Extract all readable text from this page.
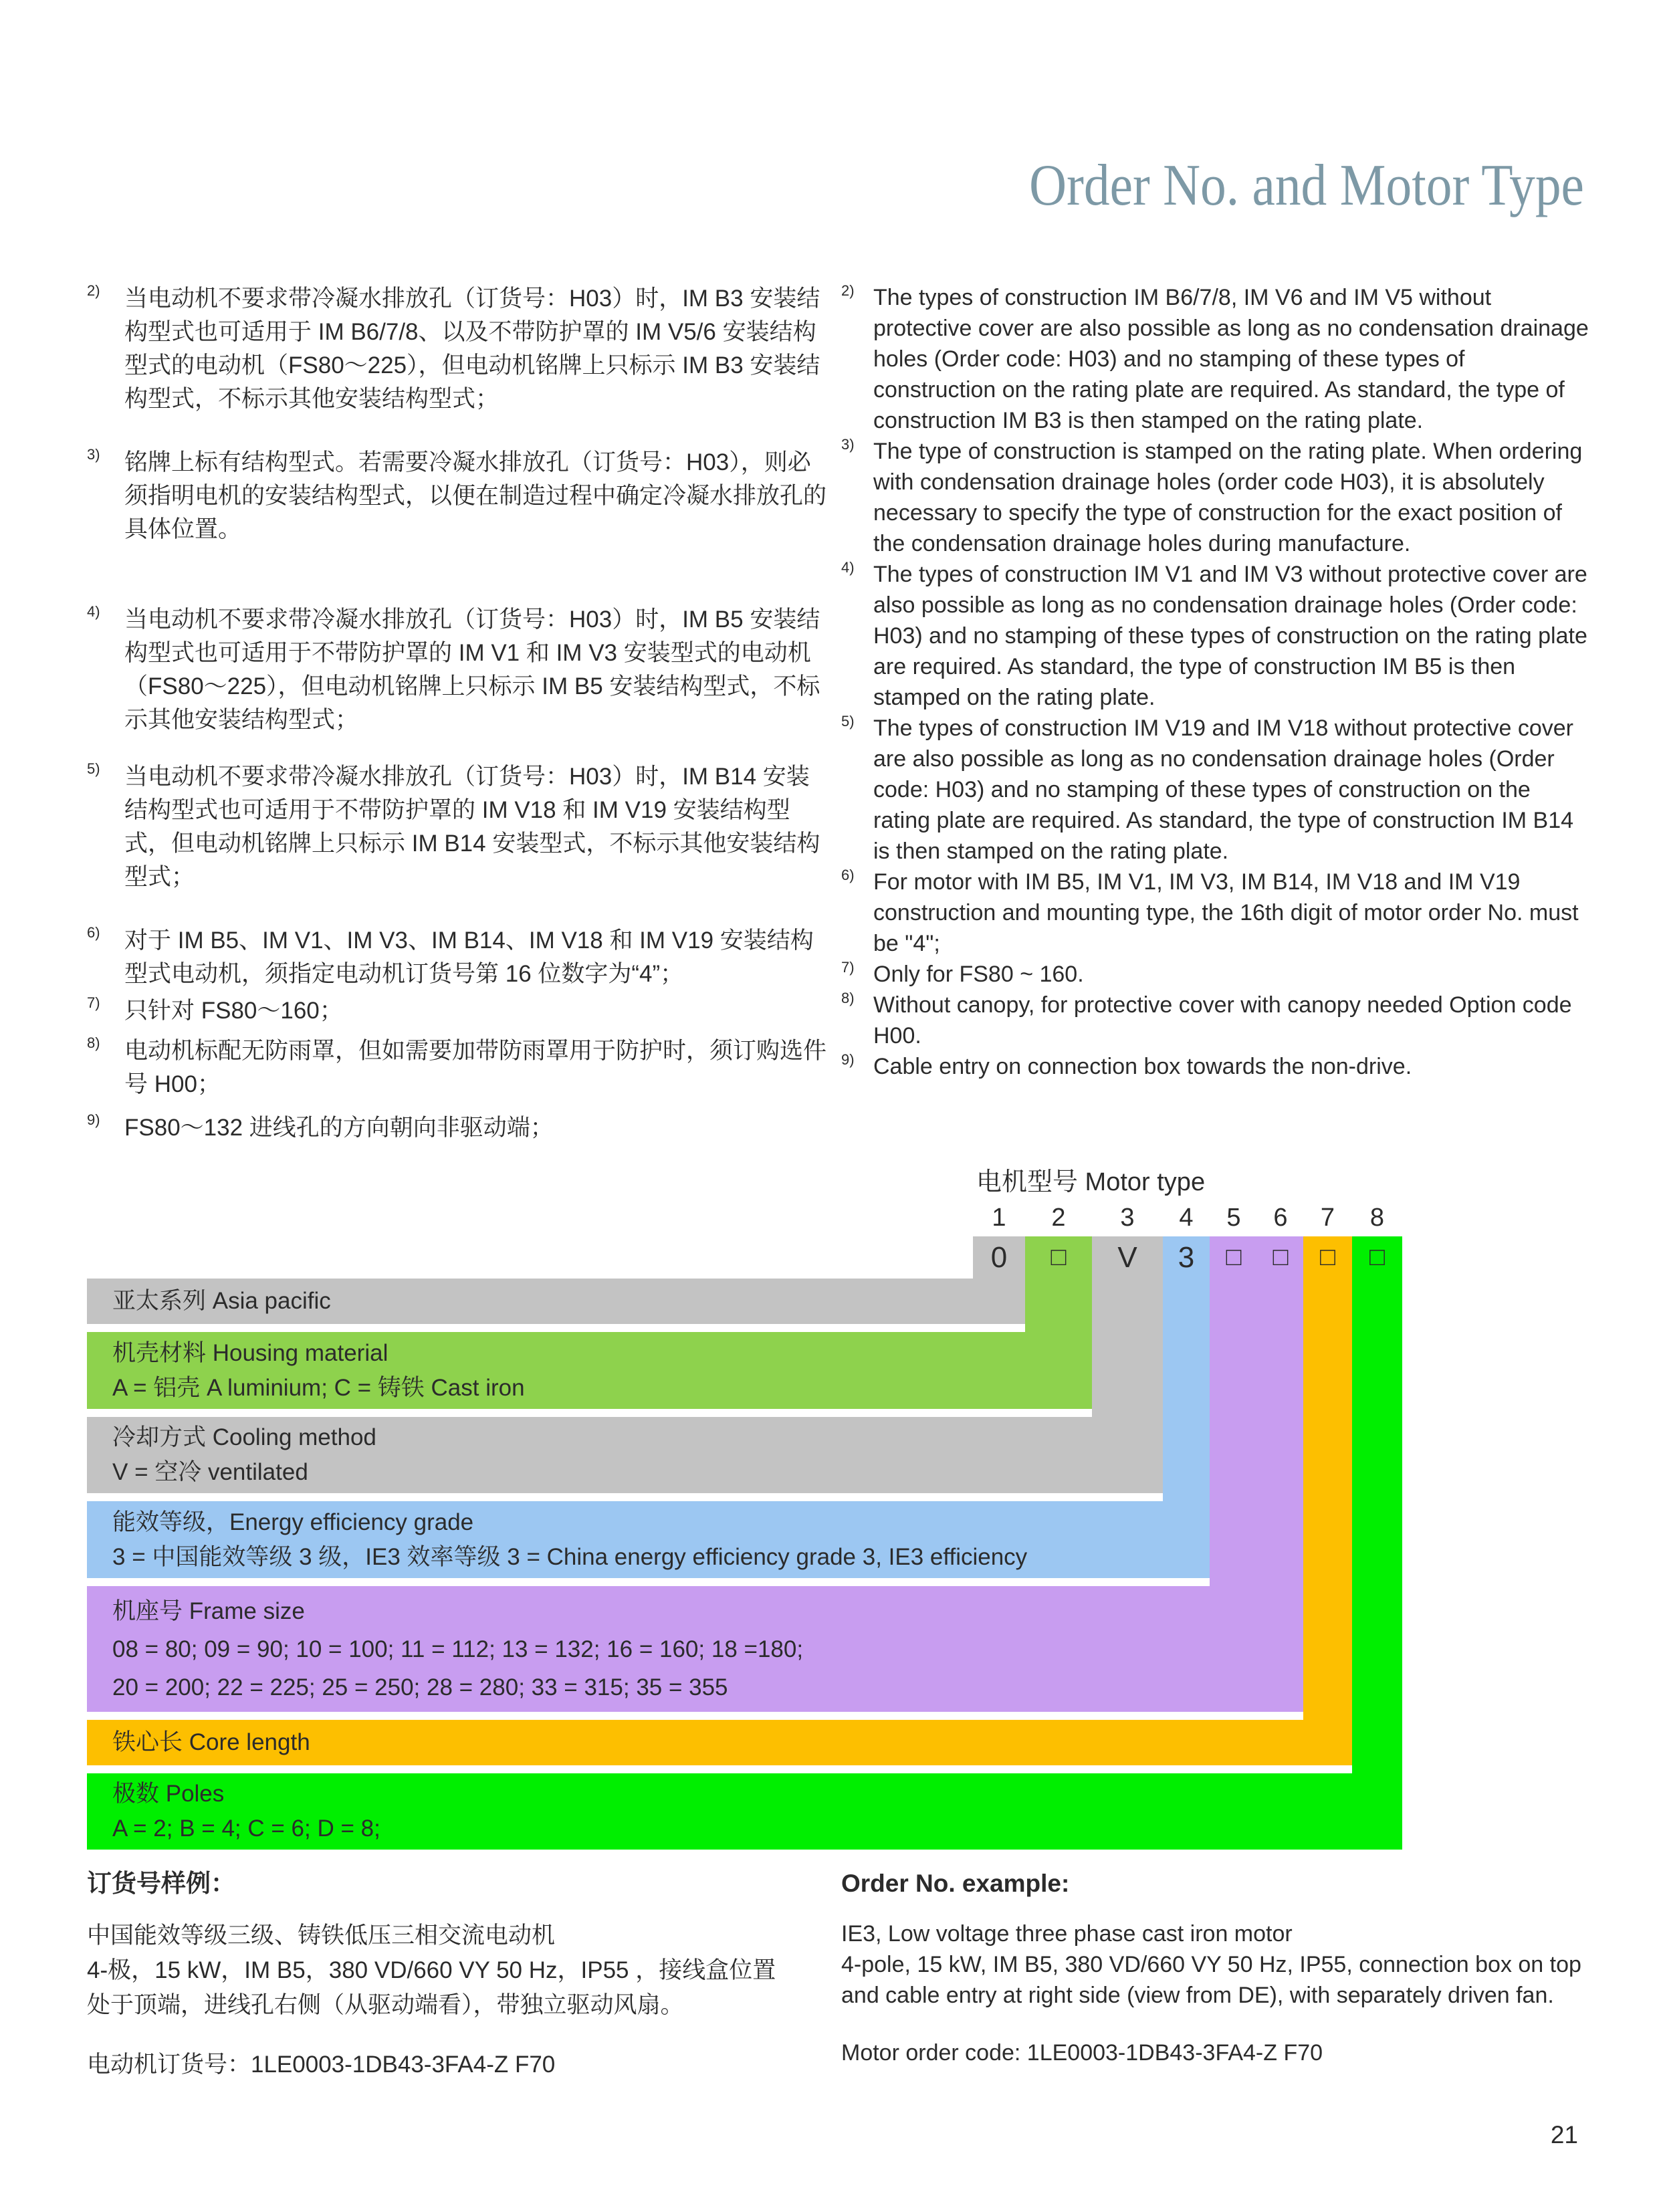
Order No. and Motor Type
2) 当电动机不要求带冷凝水排放孔（订货号：H03）时，IM B3 安装结构型式也可适用于 IM B6/7/8、以及不带防护罩的 IM V5/6 安装结构型式的电动机（FS80～225），但电动机铭牌上只标示 IM B3 安装结构型式，不标示其他安装结构型式；
3) 铭牌上标有结构型式。若需要冷凝水排放孔（订货号：H03），则必须指明电机的安装结构型式，以便在制造过程中确定冷凝水排放孔的具体位置。
4) 当电动机不要求带冷凝水排放孔（订货号：H03）时，IM B5 安装结构型式也可适用于不带防护罩的 IM V1 和 IM V3 安装型式的电动机（FS80～225），但电动机铭牌上只标示 IM B5 安装结构型式，不标示其他安装结构型式；
5) 当电动机不要求带冷凝水排放孔（订货号：H03）时，IM B14 安装结构型式也可适用于不带防护罩的 IM V18 和 IM V19 安装结构型式，但电动机铭牌上只标示 IM B14 安装型式，不标示其他安装结构型式；
6) 对于 IM B5、IM V1、IM V3、IM B14、IM V18 和 IM V19 安装结构型式电动机，须指定电动机订货号第 16 位数字为“4”；
7) 只针对 FS80～160；
8) 电动机标配无防雨罩，但如需要加带防雨罩用于防护时，须订购选件号 H00；
9) FS80～132 进线孔的方向朝向非驱动端；
2) The types of construction IM B6/7/8, IM V6 and IM V5 without protective cover are also possible as long as no condensation drainage holes (Order code: H03) and no stamping of these types of construction on the rating plate are required. As standard, the type of construction IM B3 is then stamped on the rating plate.
3) The type of construction is stamped on the rating plate. When ordering with condensation drainage holes (order code H03), it is absolutely necessary to specify the type of construction for the exact position of the condensation drainage holes during manufacture.
4) The types of construction IM V1 and IM V3 without protective cover are also possible as long as no condensation drainage holes (Order code: H03) and no stamping of these types of construction on the rating plate are required. As standard, the type of construction IM B5 is then stamped on the rating plate.
5) The types of construction IM V19 and IM V18 without protective cover are also possible as long as no condensation drainage holes (Order code: H03) and no stamping of these types of construction on the rating plate are required. As standard, the type of construction IM B14 is then stamped on the rating plate.
6) For motor with IM B5, IM V1, IM V3, IM B14, IM V18 and IM V19 construction and mounting type, the 16th digit of motor order No. must be "4";
7) Only for FS80 ~ 160.
8) Without canopy, for protective cover with canopy needed Option code H00.
9) Cable entry on connection box towards the non-drive.
电机型号 Motor type
1	2	3	4	5	6	7	8
0	□	V	3	□	□	□	□
亚太系列 Asia pacific
机壳材料 Housing material
A = 铝壳 A luminium; C = 铸铁 Cast iron
冷却方式 Cooling method
V = 空冷 ventilated
能效等级，Energy efficiency grade
3 = 中国能效等级 3 级，IE3 效率等级 3 = China energy efficiency grade 3, IE3 efficiency
机座号 Frame size
08 = 80; 09 = 90; 10 = 100; 11 = 112; 13 = 132; 16 = 160; 18 =180;
20 = 200; 22 = 225; 25 = 250; 28 = 280; 33 = 315; 35 = 355
铁心长 Core length
极数 Poles
A = 2; B = 4; C = 6; D = 8;
订货号样例：
中国能效等级三级、铸铁低压三相交流电动机
4-极，15 kW，IM B5，380 VD/660 VY 50 Hz，IP55 ，接线盒位置
处于顶端，进线孔右侧（从驱动端看），带独立驱动风扇。
电动机订货号：1LE0003-1DB43-3FA4-Z F70
Order No. example:
IE3, Low voltage three phase cast iron motor
4-pole, 15 kW, IM B5, 380 VD/660 VY 50 Hz, IP55, connection box on top and cable entry at right side (view from DE), with separately driven fan.
Motor order code: 1LE0003-1DB43-3FA4-Z F70
21
